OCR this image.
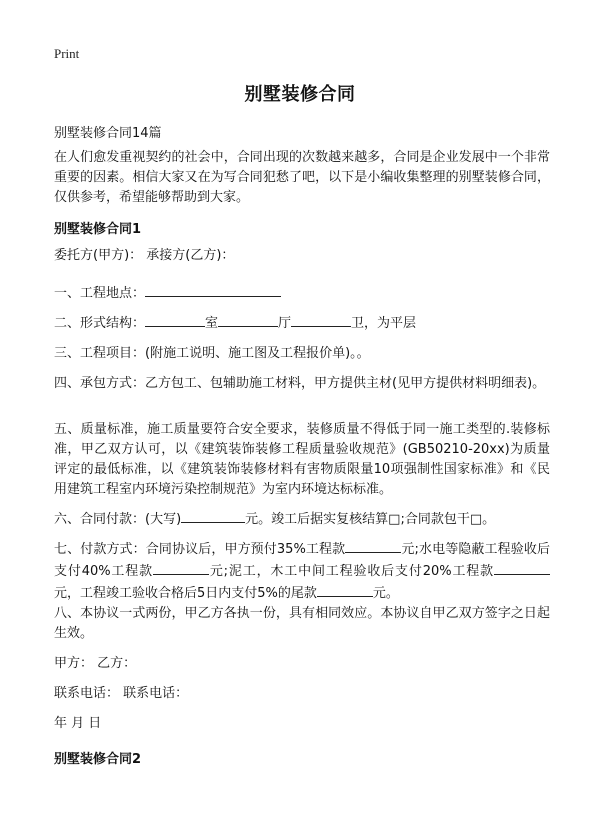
Print
别墅装修合同
别墅装修合同14篇
在人们愈发重视契约的社会中，合同出现的次数越来越多，合同是企业发展中一个非常重要的因素。相信大家又在为写合同犯愁了吧，以下是小编收集整理的别墅装修合同，仅供参考，希望能够帮助到大家。
别墅装修合同1
委托方(甲方)： 承接方(乙方)：
一、工程地点：
二、形式结构：	室	厅	卫，为平层
三、工程项目：(附施工说明、施工图及工程报价单)。。
四、承包方式：乙方包工、包辅助施工材料，甲方提供主材(见甲方提供材料明细表)。
五、质量标准，施工质量要符合安全要求，装修质量不得低于同一施工类型的.装修标准，甲乙双方认可，以《建筑装饰装修工程质量验收规范》(GB50210-20xx)为质量评定的最低标准，以《建筑装饰装修材料有害物质限量10项强制性国家标准》和《民用建筑工程室内环境污染控制规范》为室内环境达标标准。
六、合同付款：(大写)	元。竣工后据实复核结算□;合同款包干□。
七、付款方式：合同协议后，甲方预付35%工程款	元;水电等隐蔽工程验收后支付40%工程款	元;泥工，木工中间工程验收后支付20%工程款元，工程竣工验收合格后5日内支付5%的尾款	元。
八、本协议一式两份，甲乙方各执一份，具有相同效应。本协议自甲乙双方签字之日起生效。
甲方： 乙方：
联系电话： 联系电话：
年 月 日
别墅装修合同2
